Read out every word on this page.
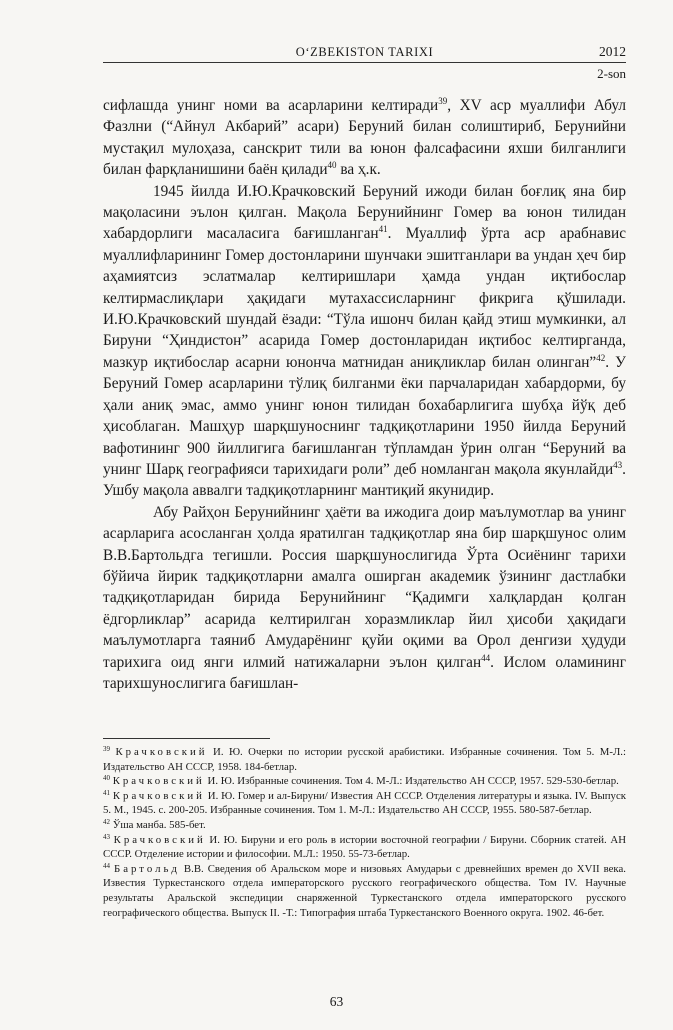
O‘ZBEKISTON TARIXI	2012
2-son

сифлашда унинг номи ва асарларини келтиради$^{39}$, XV аср муаллифи Абул Фазлни (“Айнул Акбарий” асари) Беруний билан солиштириб, Берунийни мустақил мулоҳаза, санскрит тили ва юнон фалсафасини яхши билганлиги билан фарқланишини баён қилади$^{40}$ ва ҳ.к.

1945 йилда И.Ю.Крачковский Беруний ижоди билан боғлиқ яна бир мақоласини эълон қилган. Мақола Берунийнинг Гомер ва юнон тилидан хабардорлиги масаласига бағишланган$^{41}$. Муаллиф ўрта аср арабнавис муаллифларининг Гомер достонларини шунчаки эшитганлари ва ундан ҳеч бир аҳамиятсиз эслатмалар келтиришлари ҳамда ундан иқтибослар келтирмаслиқлари ҳақидаги мутахассисларнинг фикрига қўшилади. И.Ю.Крачковский шундай ёзади: “Тўла ишонч билан қайд этиш мумкинки, ал Бируни “Ҳиндистон” асарида Гомер достонларидан иқтибос келтирганда, мазкур иқтибослар асарни юнонча матнидан аниқликлар билан олинган”$^{42}$. У Беруний Гомер асарларини тўлиқ билганми ёки парчаларидан хабардорми, бу ҳали аниқ эмас, аммо унинг юнон тилидан бохабарлигига шубҳа йўқ деб ҳисоблаган. Машҳур шарқшуноснинг тадқиқотларини 1950 йилда Беруний вафотининг 900 йиллигига бағишланган тўпламдан ўрин олган “Беруний ва унинг Шарқ географияси тарихидаги роли” деб номланган мақола якунлайди$^{43}$. Ушбу мақола аввалги тадқиқотларнинг мантиқий якунидир.

Абу Райҳон Берунийнинг ҳаёти ва ижодига доир маълумотлар ва унинг асарларига асосланган ҳолда яратилган тадқиқотлар яна бир шарқшунос олим В.В.Бартольдга тегишли. Россия шарқшунослигида Ўрта Осиёнинг тарихи бўйича йирик тадқиқотларни амалга оширган академик ўзининг дастлабки тадқиқотларидан бирида Берунийнинг “Қадимги халқлардан қолган ёдгорликлар” асарида келтирилган хоразмликлар йил ҳисоби ҳақидаги маълумотларга таяниб Амударёнинг қуйи оқими ва Орол денгизи ҳудуди тарихига оид янги илмий натижаларни эълон қилган$^{44}$. Ислом оламининг тарихшунослигига бағишлан-

$^{39}$ Крачковский И. Ю. Очерки по истории русской арабистики. Избранные сочинения. Том 5. М-Л.: Издательство АН СССР, 1958. 184-бетлар.

$^{40}$ Крачковский И. Ю. Избранные сочинения. Том 4. М-Л.: Издательство АН СССР, 1957. 529-530-бетлар.

$^{41}$ Крачковский И. Ю. Гомер и ал-Бируни/ Известия АН СССР. Отделения литературы и языка. IV. Выпуск 5. М., 1945. с. 200-205. Избранные сочинения. Том 1. М-Л.: Издательство АН СССР, 1955. 580-587-бетлар.

$^{42}$ Ўша манба. 585-бет.

$^{43}$ Крачковский И. Ю. Бируни и его роль в истории восточной географии / Бируни. Сборник статей. АН СССР. Отделение истории и философии. М.Л.: 1950. 55-73-бетлар.

$^{44}$ Бартольд В.В. Сведения об Аральском море и низовьях Амударьи с древнейших времен до XVII века. Известия Туркестанского отдела императорского русского географического общества. Том IV. Научные результаты Аральской экспедиции снаряженной Туркестанского отдела императорского русского географического общества. Выпуск II. -Т.: Типография штаба Туркестанского Военного округа. 1902. 46-бет.

63
